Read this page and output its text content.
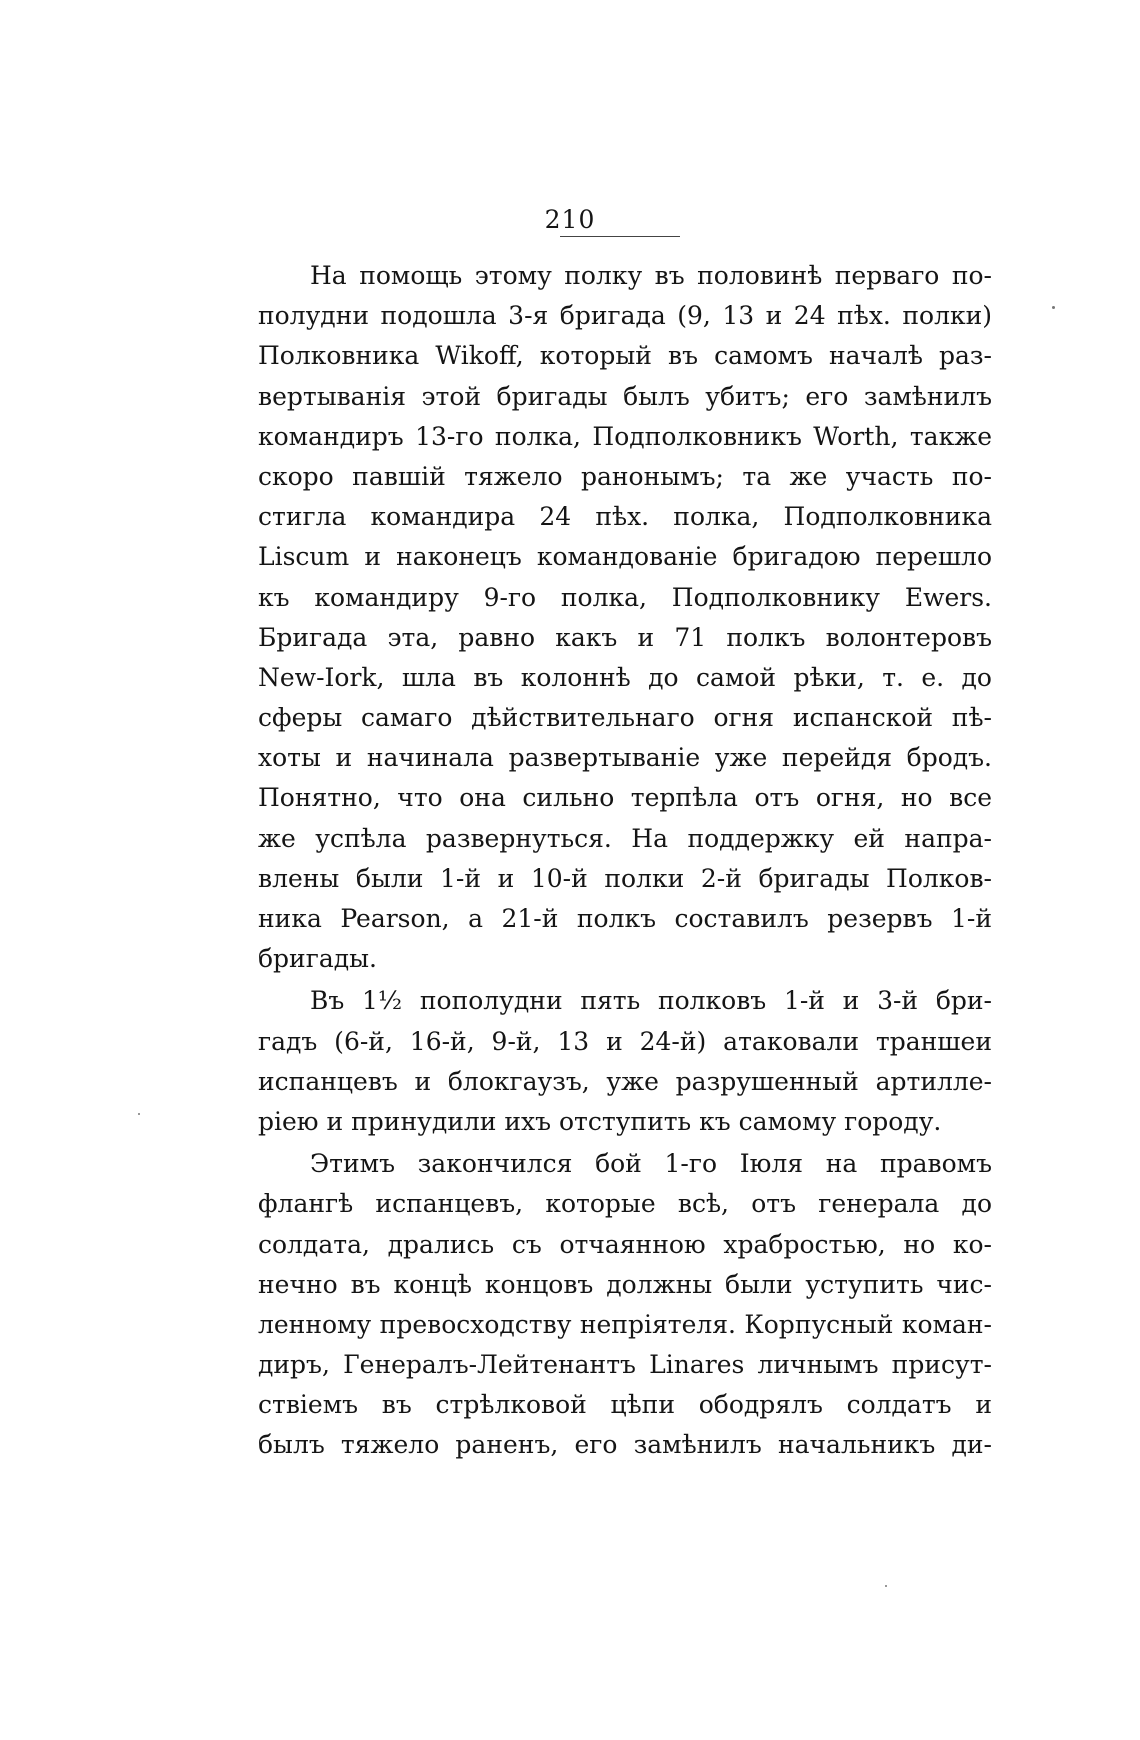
210
На помощь этому полку въ половинѣ перваго по-
полудни подошла 3-я бригада (9, 13 и 24 пѣх. полки)
Полковника Wikoff, который въ самомъ началѣ раз-
вертыванія этой бригады былъ убитъ; его замѣнилъ
командиръ 13-го полка, Подполковникъ Worth, также
скоро павшій тяжело ранонымъ; та же участь по-
стигла командира 24 пѣх. полка, Подполковника
Liscum и наконецъ командованіе бригадою перешло
къ командиру 9-го полка, Подполковнику Ewers.
Бригада эта, равно какъ и 71 полкъ волонтеровъ
New-Iork, шла въ колоннѣ до самой рѣки, т. е. до
сферы самаго дѣйствительнаго огня испанской пѣ-
хоты и начинала развертываніе уже перейдя бродъ.
Понятно, что она сильно терпѣла отъ огня, но все
же успѣла развернуться. На поддержку ей напра-
влены были 1-й и 10-й полки 2-й бригады Полков-
ника Pearson, а 21-й полкъ составилъ резервъ 1-й
бригады.
Въ 1½ пополудни пять полковъ 1-й и 3-й бри-
гадъ (6-й, 16-й, 9-й, 13 и 24-й) атаковали траншеи
испанцевъ и блокгаузъ, уже разрушенный артилле-
ріею и принудили ихъ отступить къ самому городу.
Этимъ закончился бой 1-го Іюля на правомъ
флангѣ испанцевъ, которые всѣ, отъ генерала до
солдата, дрались съ отчаянною храбростью, но ко-
нечно въ концѣ концовъ должны были уступить чис-
ленному превосходству непріятеля. Корпусный коман-
диръ, Генералъ-Лейтенантъ Linares личнымъ присут-
ствіемъ въ стрѣлковой цѣпи ободрялъ солдатъ и
былъ тяжело раненъ, его замѣнилъ начальникъ ди-
